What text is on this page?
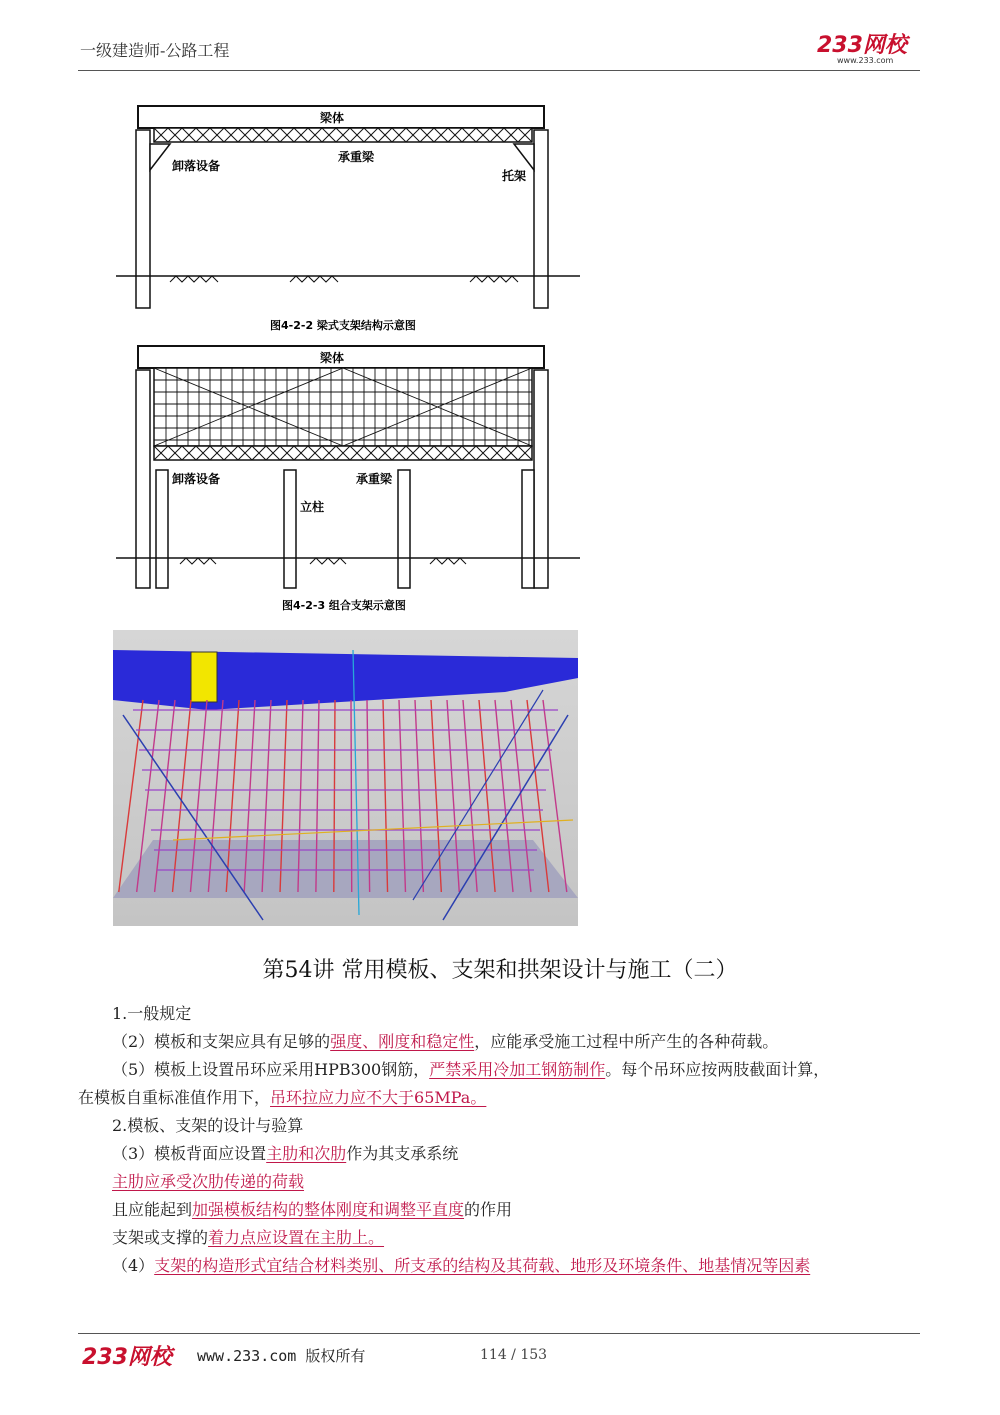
一级建造师-公路工程	233网校
www.233.com
梁体
卸落设备
承重梁
托架
图4-2-2 梁式支架结构示意图
梁体
卸落设备	承重梁
立柱
图4-2-3 组合支架示意图
第54讲 常用模板、支架和拱架设计与施工（二）
1.一般规定
（2）模板和支架应具有足够的强度、刚度和稳定性，应能承受施工过程中所产生的各种荷载。
（5）模板上设置吊环应采用HPB300钢筋，严禁采用冷加工钢筋制作。每个吊环应按两肢截面计算，
在模板自重标准值作用下，吊环拉应力应不大于65MPa。
2.模板、支架的设计与验算
（3）模板背面应设置主肋和次肋作为其支承系统
主肋应承受次肋传递的荷载
且应能起到加强模板结构的整体刚度和调整平直度的作用
支架或支撑的着力点应设置在主肋上。
（4）支架的构造形式宜结合材料类别、所支承的结构及其荷载、地形及环境条件、地基情况等因素
233网校 www.233.com 版权所有	114 / 153
